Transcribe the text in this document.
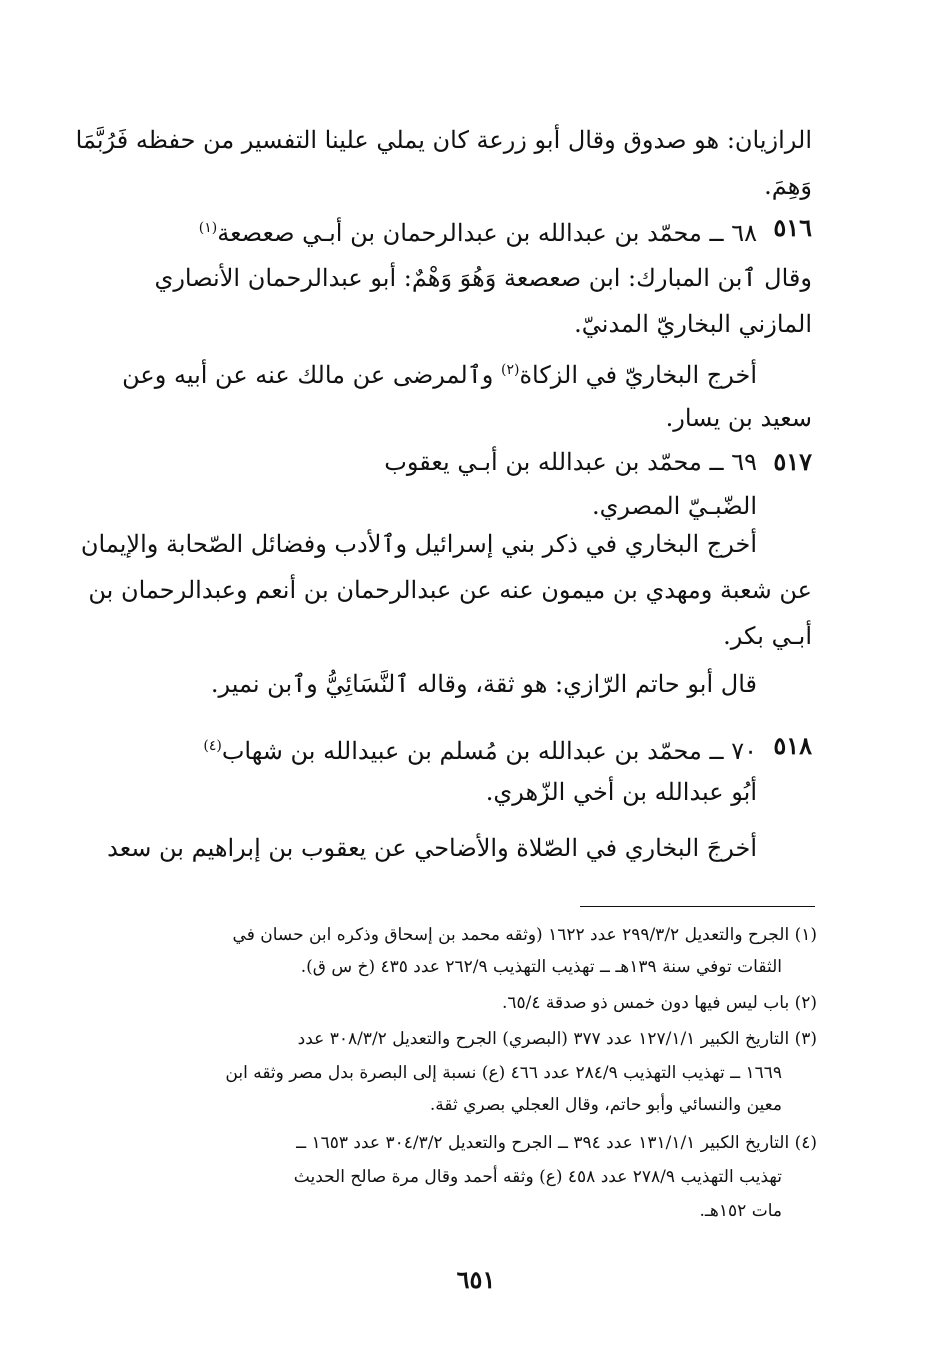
الرازيان: هو صدوق وقال أبو زرعة كان يملي علينا التفسير من حفظه فَرُبَّمَا
وَهِمَ.
٥١٦
٦٨ ــ محمّد بن عبدالله بن عبدالرحمان بن أبـي صعصعة$^{(١)}$
وقال ٱبن المبارك: ابن صعصعة وَهُوَ وَهْمٌ: أبو عبدالرحمان الأنصاري
المازني البخاريّ المدنيّ.
أخرج البخاريّ في الزكاة$^{(٢)}$ وٱلمرضى عن مالك عنه عن أبيه وعن
سعيد بن يسار.
٥١٧
٦٩ ــ محمّد بن عبدالله بن أبـي يعقوب
الضّبـيّ المصري.
أخرج البخاري في ذكر بني إسرائيل وٱلأدب وفضائل الصّحابة والإيمان
عن شعبة ومهدي بن ميمون عنه عن عبدالرحمان بن أنعم وعبدالرحمان بن
أبـي بكر.
قال أبو حاتم الرّازي: هو ثقة، وقاله ٱلنَّسَائِيُّ وٱبن نمير.
٥١٨
٧٠ ــ محمّد بن عبدالله بن مُسلم بن عبيدالله بن شهاب$^{(٤)}$
أبُو عبدالله بن أخي الزّهري.
أخرجَ البخاري في الصّلاة والأضاحي عن يعقوب بن إبراهيم بن سعد
(١) الجرح والتعديل ٢٩٩/٣/٢ عدد ١٦٢٢ (وثقه محمد بن إسحاق وذكره ابن حسان في
الثقات توفي سنة ١٣٩هـ ــ تهذيب التهذيب ٢٦٢/٩ عدد ٤٣٥ (خ س ق).
(٢) باب ليس فيها دون خمس ذو صدقة ٦٥/٤.
(٣) التاريخ الكبير ١٢٧/١/١ عدد ٣٧٧ (البصري) الجرح والتعديل ٣٠٨/٣/٢ عدد
١٦٦٩ ــ تهذيب التهذيب ٢٨٤/٩ عدد ٤٦٦ (ع) نسبة إلى البصرة بدل مصر وثقه ابن
معين والنسائي وأبو حاتم، وقال العجلي بصري ثقة.
(٤) التاريخ الكبير ١٣١/١/١ عدد ٣٩٤ ــ الجرح والتعديل ٣٠٤/٣/٢ عدد ١٦٥٣ ــ
تهذيب التهذيب ٢٧٨/٩ عدد ٤٥٨ (ع) وثقه أحمد وقال مرة صالح الحديث
مات ١٥٢هـ.
٦٥١
